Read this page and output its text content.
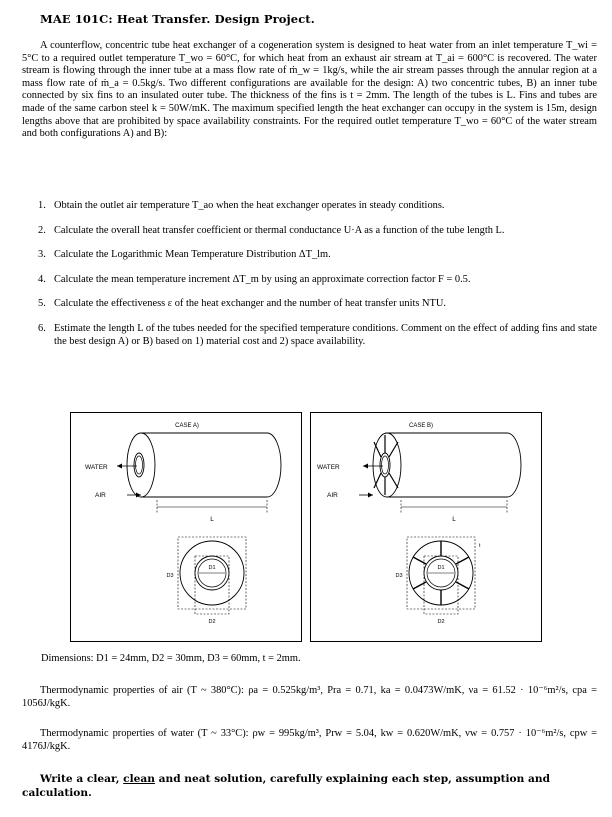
MAE 101C: Heat Transfer. Design Project.
A counterflow, concentric tube heat exchanger of a cogeneration system is designed to heat water from an inlet temperature T_wi = 5°C to a required outlet temperature T_wo = 60°C, for which heat from an exhaust air stream at T_ai = 600°C is recovered. The water stream is flowing through the inner tube at a mass flow rate of ṁ_w = 1kg/s, while the air stream passes through the annular region at a mass flow rate of ṁ_a = 0.5kg/s. Two different configurations are available for the design: A) two concentric tubes, B) an inner tube connected by six fins to an insulated outer tube. The thickness of the fins is t = 2mm. The length of the tubes is L. Fins and tubes are made of the same carbon steel k = 50W/mK. The maximum specified length the heat exchanger can occupy in the system is 15m, design lengths above that are prohibited by space availability constraints. For the required outlet temperature T_wo = 60°C of the water stream and both configurations A) and B):
1. Obtain the outlet air temperature T_ao when the heat exchanger operates in steady conditions.
2. Calculate the overall heat transfer coefficient or thermal conductance U·A as a function of the tube length L.
3. Calculate the Logarithmic Mean Temperature Distribution ΔT_lm.
4. Calculate the mean temperature increment ΔT_m by using an approximate correction factor F = 0.5.
5. Calculate the effectiveness ε of the heat exchanger and the number of heat transfer units NTU.
6. Estimate the length L of the tubes needed for the specified temperature conditions. Comment on the effect of adding fins and state the best design A) or B) based on 1) material cost and 2) space availability.
CASE A)
WATER
AIR
L
D1
D3
D2
CASE B)
WATER
AIR
L
D1
t
D3
D2
Dimensions: D1 = 24mm, D2 = 30mm, D3 = 60mm, t = 2mm.
Thermodynamic properties of air (T ~ 380°C): ρa = 0.525kg/m³, Pra = 0.71, ka = 0.0473W/mK, νa = 61.52 · 10⁻⁶m²/s, cpa = 1056J/kgK.
Thermodynamic properties of water (T ~ 33°C): ρw = 995kg/m³, Prw = 5.04, kw = 0.620W/mK, νw = 0.757 · 10⁻⁶m²/s, cpw = 4176J/kgK.
Write a clear, clean and neat solution, carefully explaining each step, assumption and calculation.
